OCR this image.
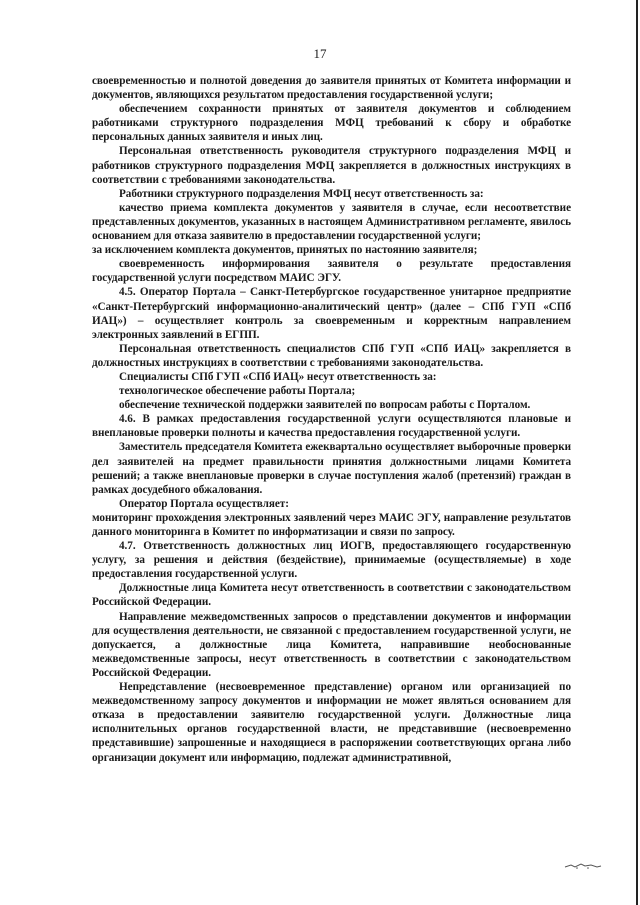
17

своевременностью и полнотой доведения до заявителя принятых от Комитета информации и документов, являющихся результатом предоставления государственной услуги;

обеспечением сохранности принятых от заявителя документов и соблюдением работниками структурного подразделения МФЦ требований к сбору и обработке персональных данных заявителя и иных лиц.

Персональная ответственность руководителя структурного подразделения МФЦ и работников структурного подразделения МФЦ закрепляется в должностных инструкциях в соответствии с требованиями законодательства.

Работники структурного подразделения МФЦ несут ответственность за:

качество приема комплекта документов у заявителя в случае, если несоответствие представленных документов, указанных в настоящем Административном регламенте, явилось основанием для отказа заявителю в предоставлении государственной услуги;

за исключением комплекта документов, принятых по настоянию заявителя;

своевременность информирования заявителя о результате предоставления государственной услуги посредством МАИС ЭГУ.

4.5. Оператор Портала – Санкт-Петербургское государственное унитарное предприятие «Санкт-Петербургский информационно-аналитический центр» (далее – СПб ГУП «СПб ИАЦ») – осуществляет контроль за своевременным и корректным направлением электронных заявлений в ЕГПП.

Персональная ответственность специалистов СПб ГУП «СПб ИАЦ» закрепляется в должностных инструкциях в соответствии с требованиями законодательства.

Специалисты СПб ГУП «СПб ИАЦ» несут ответственность за:

технологическое обеспечение работы Портала;

обеспечение технической поддержки заявителей по вопросам работы с Порталом.

4.6. В рамках предоставления государственной услуги осуществляются плановые и внеплановые проверки полноты и качества предоставления государственной услуги.

Заместитель председателя Комитета ежеквартально осуществляет выборочные проверки дел заявителей на предмет правильности принятия должностными лицами Комитета решений; а также внеплановые проверки в случае поступления жалоб (претензий) граждан в рамках досудебного обжалования.

Оператор Портала осуществляет:

мониторинг прохождения электронных заявлений через МАИС ЭГУ, направление результатов данного мониторинга в Комитет по информатизации и связи по запросу.

4.7. Ответственность должностных лиц ИОГВ, предоставляющего государственную услугу, за решения и действия (бездействие), принимаемые (осуществляемые) в ходе предоставления государственной услуги.

Должностные лица Комитета несут ответственность в соответствии с законодательством Российской Федерации.

Направление межведомственных запросов о представлении документов и информации для осуществления деятельности, не связанной с предоставлением государственной услуги, не допускается, а должностные лица Комитета, направившие необоснованные межведомственные запросы, несут ответственность в соответствии с законодательством Российской Федерации.

Непредставление (несвоевременное представление) органом или организацией по межведомственному запросу документов и информации не может являться основанием для отказа в предоставлении заявителю государственной услуги. Должностные лица исполнительных органов государственной власти, не представившие (несвоевременно представившие) запрошенные и находящиеся в распоряжении соответствующих органа либо организации документ или информацию, подлежат административной,
